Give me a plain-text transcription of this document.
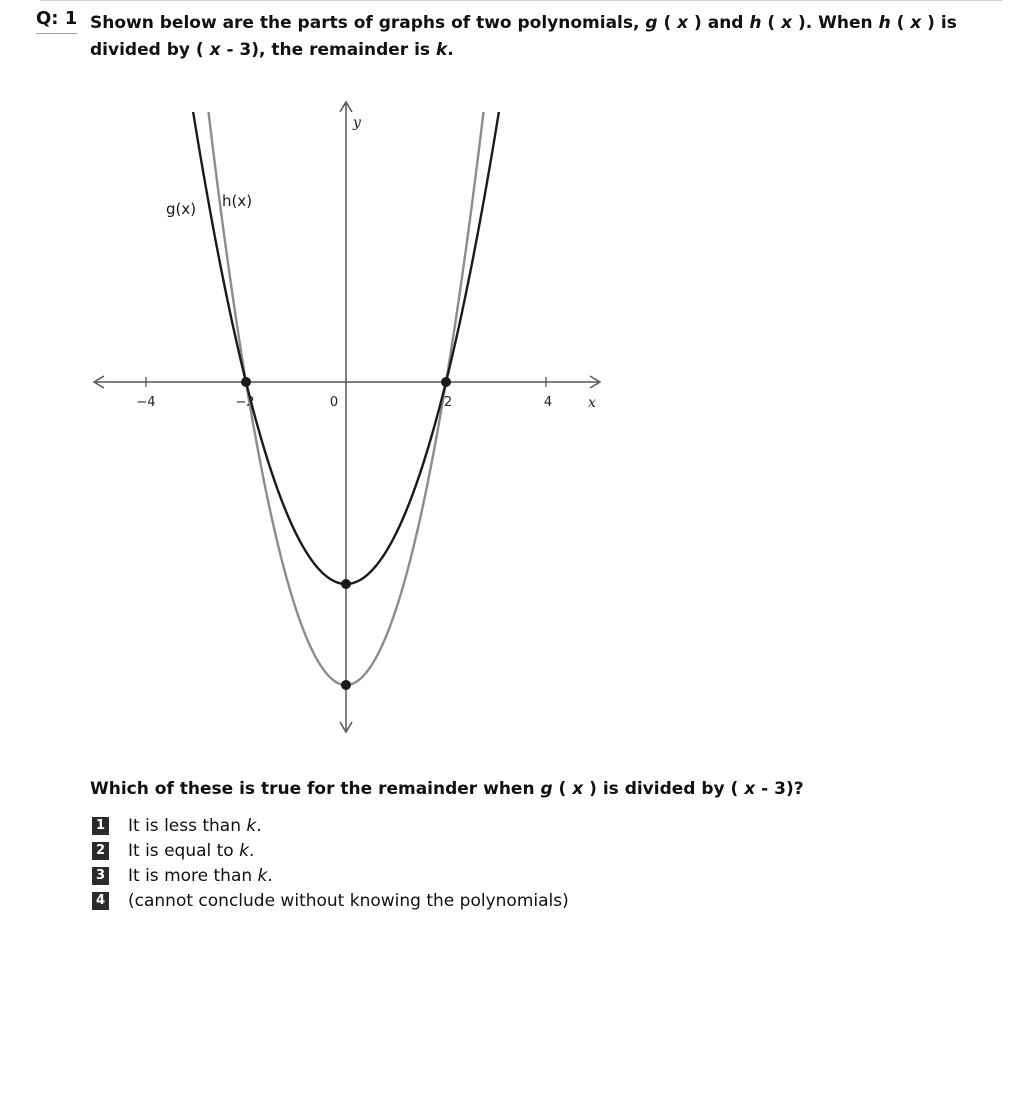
Q: 1 Shown below are the parts of graphs of two polynomials, g ( x ) and h ( x ). When h ( x ) is divided by ( x - 3), the remainder is k.
−4	−2	0	2	4	x
y
g(x) h(x)
Which of these is true for the remainder when g ( x ) is divided by ( x - 3)?
1 It is less than k.
2 It is equal to k.
3 It is more than k.
4 (cannot conclude without knowing the polynomials)
